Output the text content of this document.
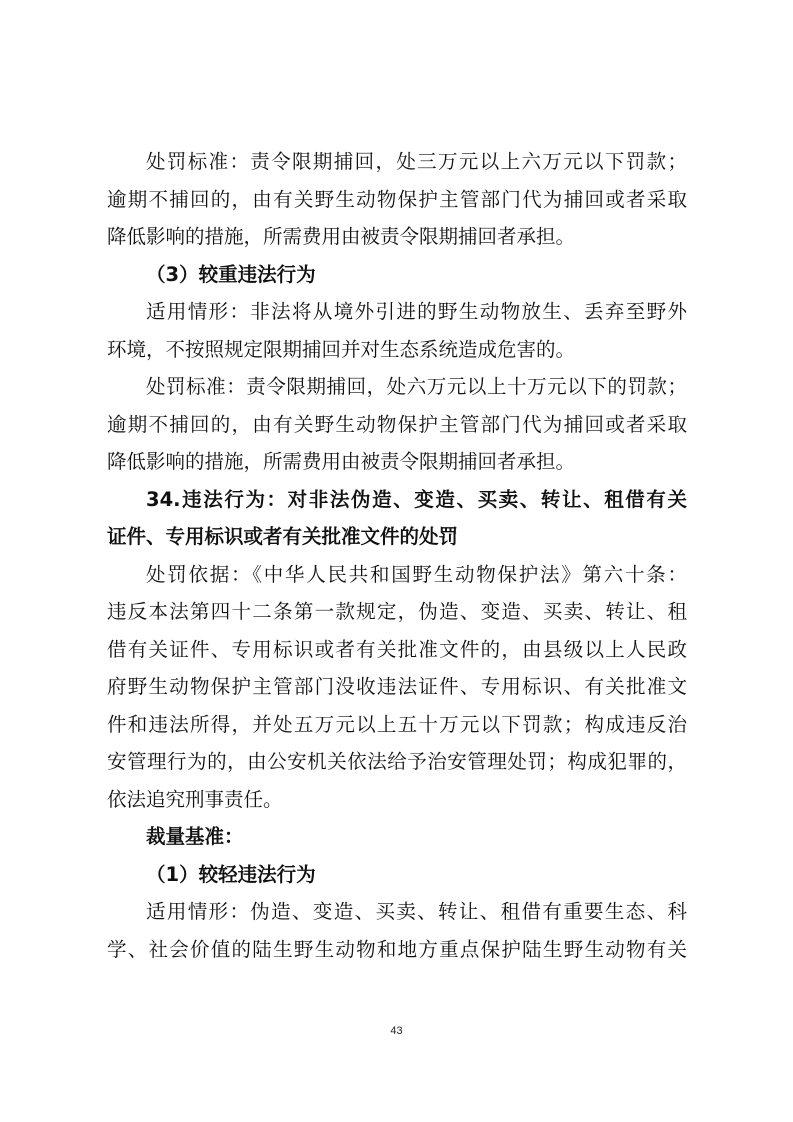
处罚标准：责令限期捕回，处三万元以上六万元以下罚款；
逾期不捕回的，由有关野生动物保护主管部门代为捕回或者采取
降低影响的措施，所需费用由被责令限期捕回者承担。
（3）较重违法行为
适用情形：非法将从境外引进的野生动物放生、丢弃至野外
环境，不按照规定限期捕回并对生态系统造成危害的。
处罚标准：责令限期捕回，处六万元以上十万元以下的罚款；
逾期不捕回的，由有关野生动物保护主管部门代为捕回或者采取
降低影响的措施，所需费用由被责令限期捕回者承担。
34.违法行为：对非法伪造、变造、买卖、转让、租借有关
证件、专用标识或者有关批准文件的处罚
处罚依据：《中华人民共和国野生动物保护法》第六十条：
违反本法第四十二条第一款规定，伪造、变造、买卖、转让、租
借有关证件、专用标识或者有关批准文件的，由县级以上人民政
府野生动物保护主管部门没收违法证件、专用标识、有关批准文
件和违法所得，并处五万元以上五十万元以下罚款；构成违反治
安管理行为的，由公安机关依法给予治安管理处罚；构成犯罪的，
依法追究刑事责任。
裁量基准：
（1）较轻违法行为
适用情形：伪造、变造、买卖、转让、租借有重要生态、科
学、社会价值的陆生野生动物和地方重点保护陆生野生动物有关
43
